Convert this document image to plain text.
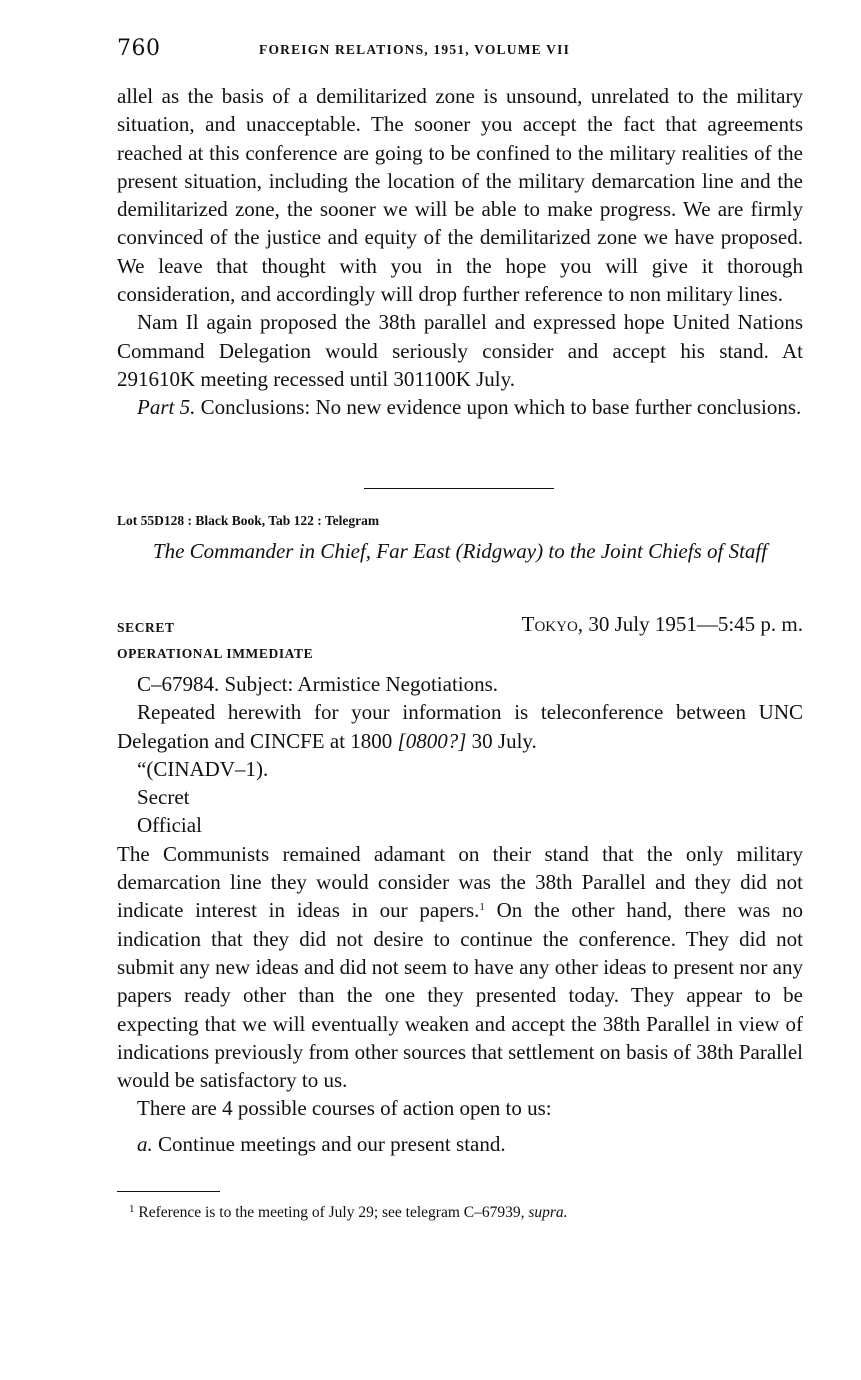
760	FOREIGN RELATIONS, 1951, VOLUME VII

allel as the basis of a demilitarized zone is unsound, unrelated to the military situation, and unacceptable. The sooner you accept the fact that agreements reached at this conference are going to be confined to the military realities of the present situation, including the location of the military demarcation line and the demilitarized zone, the sooner we will be able to make progress. We are firmly convinced of the justice and equity of the demilitarized zone we have proposed. We leave that thought with you in the hope you will give it thorough consideration, and accordingly will drop further reference to non military lines.

Nam Il again proposed the 38th parallel and expressed hope United Nations Command Delegation would seriously consider and accept his stand. At 291610K meeting recessed until 301100K July.

Part 5. Conclusions: No new evidence upon which to base further conclusions.

Lot 55D128 : Black Book, Tab 122 : Telegram
The Commander in Chief, Far East (Ridgway) to the Joint Chiefs of Staff
SECRET	Tokyo, 30 July 1951—5:45 p. m.
OPERATIONAL IMMEDIATE

C–67984. Subject: Armistice Negotiations.

Repeated herewith for your information is teleconference between UNC Delegation and CINCFE at 1800 [0800?] 30 July.

“(CINADV–1).

Secret

Official

The Communists remained adamant on their stand that the only military demarcation line they would consider was the 38th Parallel and they did not indicate interest in ideas in our papers.$^1$ On the other hand, there was no indication that they did not desire to continue the conference. They did not submit any new ideas and did not seem to have any other ideas to present nor any papers ready other than the one they presented today. They appear to be expecting that we will eventually weaken and accept the 38th Parallel in view of indications previously from other sources that settlement on basis of 38th Parallel would be satisfactory to us.

There are 4 possible courses of action open to us:

a. Continue meetings and our present stand.

$^1$ Reference is to the meeting of July 29; see telegram C–67939, supra.
